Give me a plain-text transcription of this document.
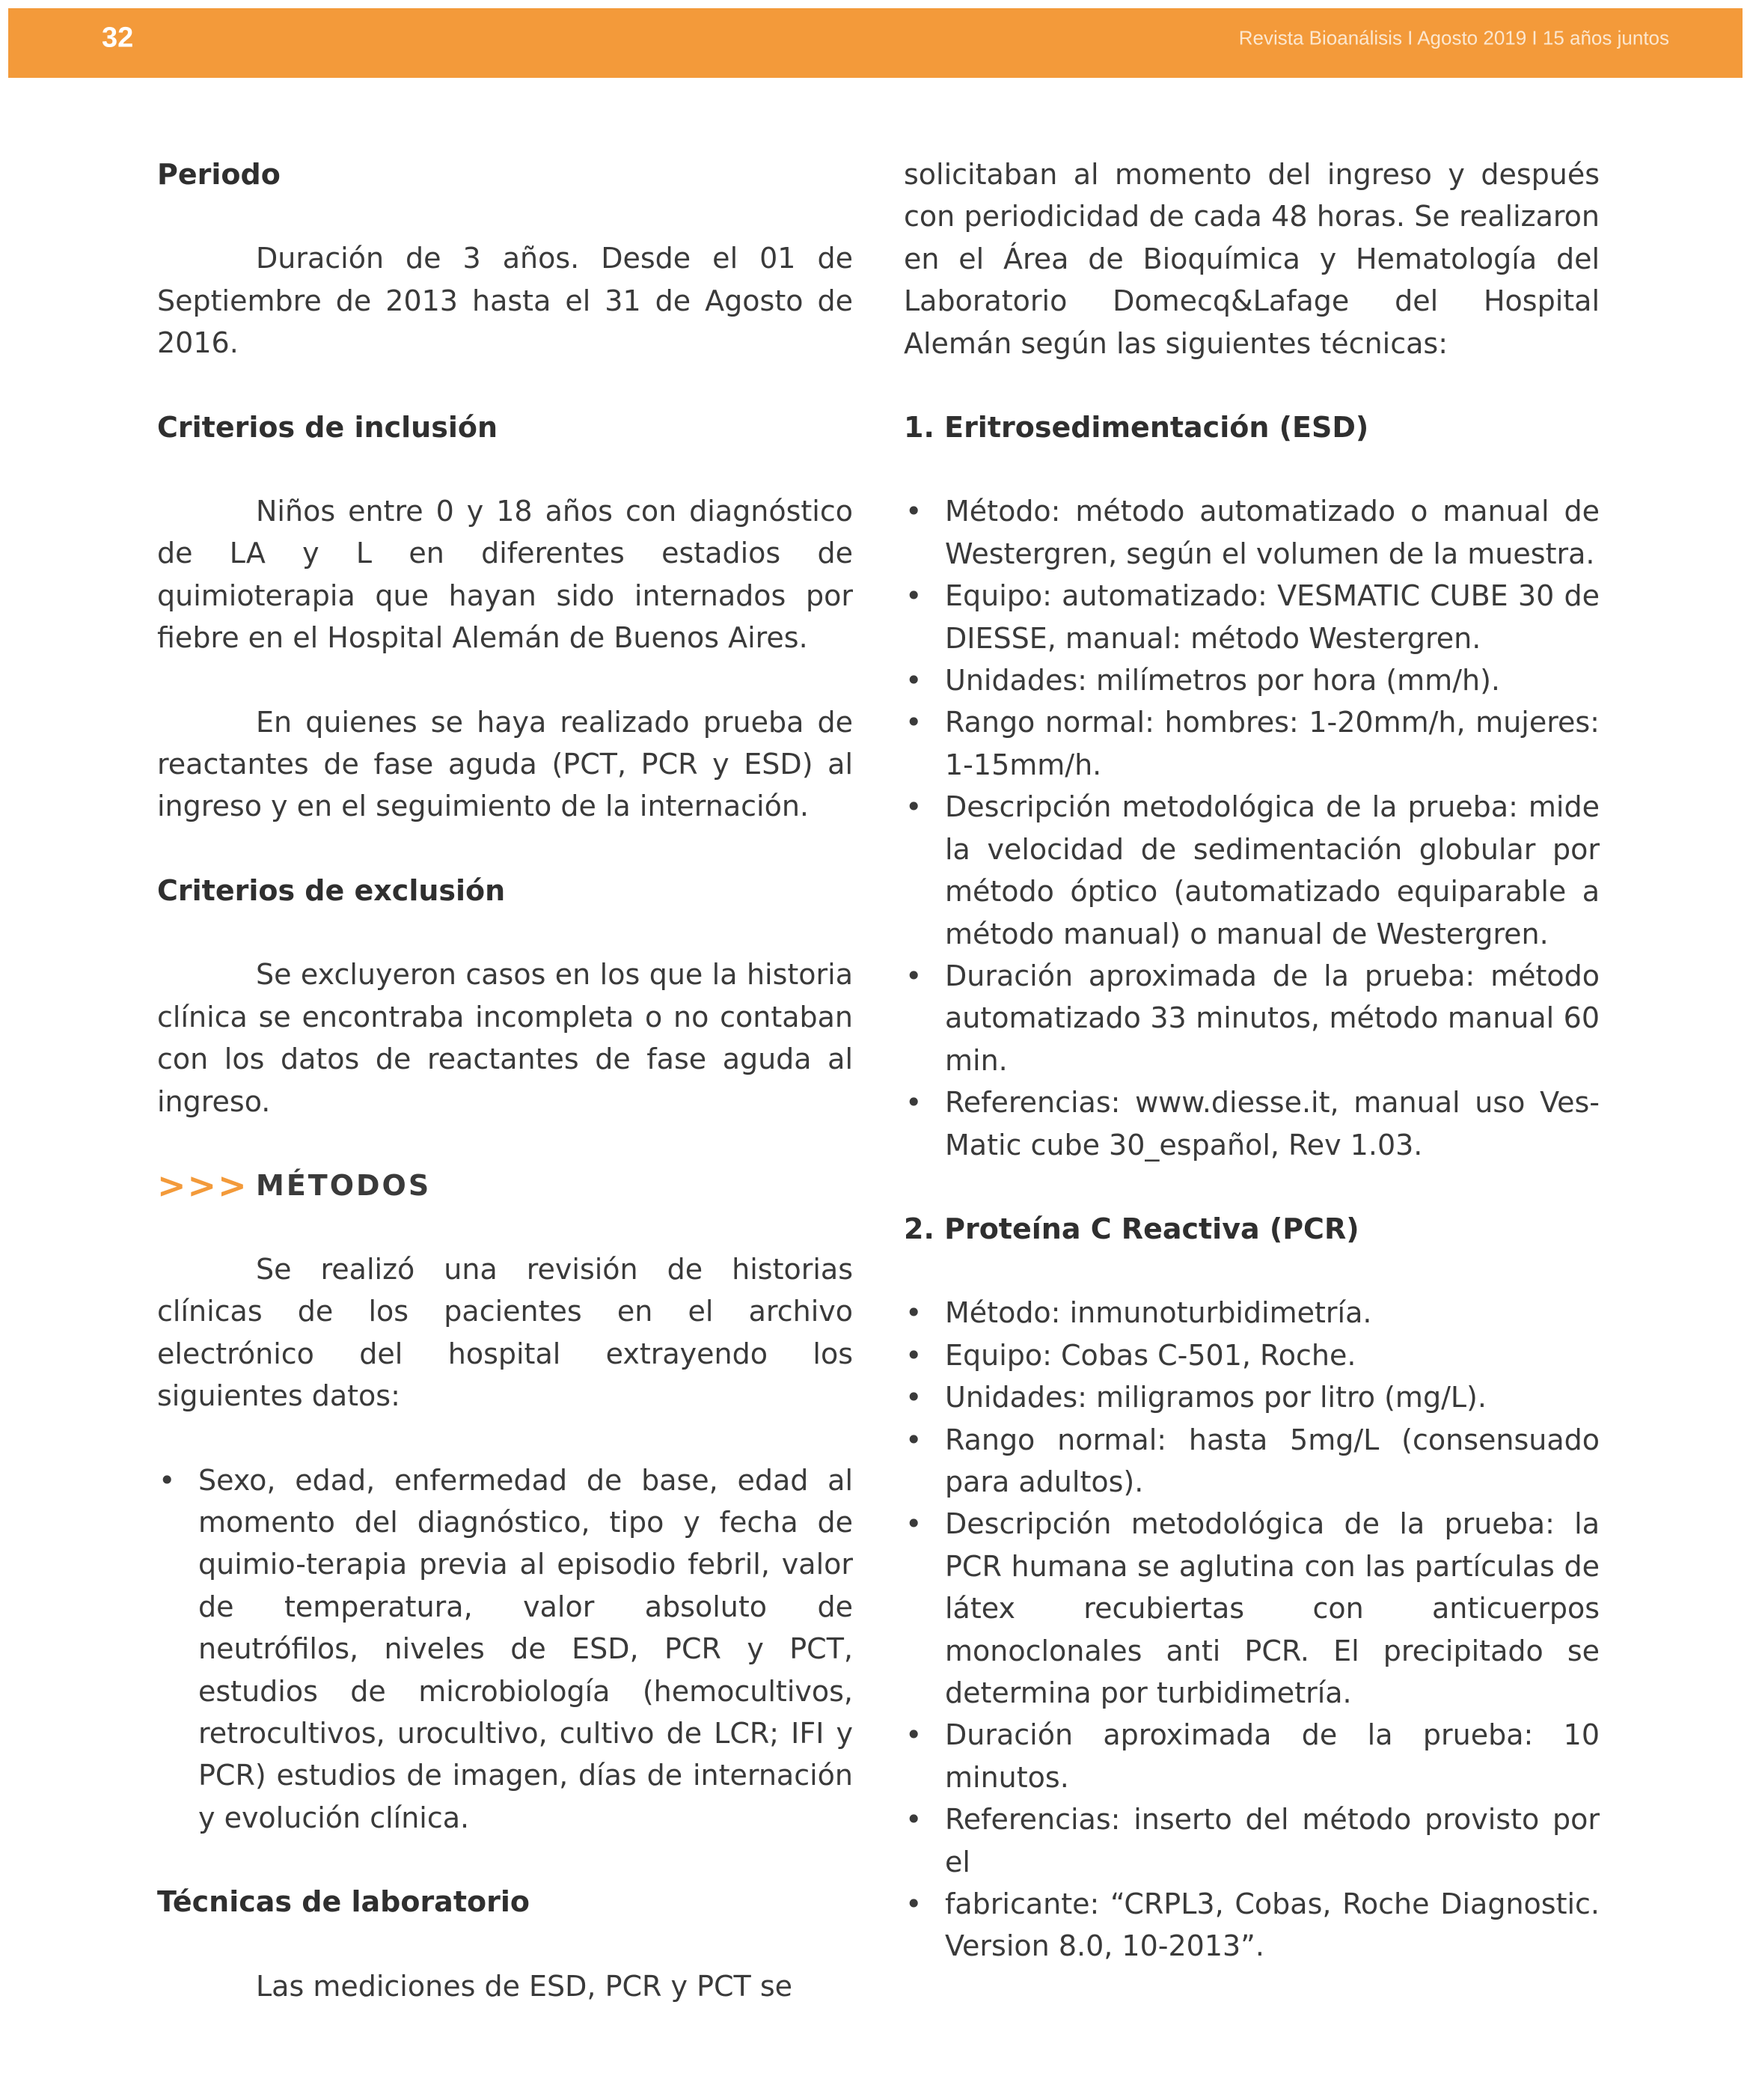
32	Revista Bioanálisis I Agosto 2019 I 15 años juntos
Periodo

Duración de 3 años. Desde el 01 de Septiembre de 2013 hasta el 31 de Agosto de 2016.

Criterios de inclusión

Niños entre 0 y 18 años con diagnóstico de LA y L en diferentes estadios de quimioterapia que hayan sido internados por fiebre en el Hospital Alemán de Buenos Aires.

En quienes se haya realizado prueba de reactantes de fase aguda (PCT, PCR y ESD) al ingreso y en el seguimiento de la internación.

Criterios de exclusión

Se excluyeron casos en los que la historia clínica se encontraba incompleta o no contaban con los datos de reactantes de fase aguda al ingreso.

>>> MÉTODOS

Se realizó una revisión de historias clínicas de los pacientes en el archivo electrónico del hospital extrayendo los siguientes datos:

• Sexo, edad, enfermedad de base, edad al momento del diagnóstico, tipo y fecha de quimio-terapia previa al episodio febril, valor de temperatura, valor absoluto de neutrófilos, niveles de ESD, PCR y PCT, estudios de microbiología (hemocultivos, retrocultivos, urocultivo, cultivo de LCR; IFI y PCR) estudios de imagen, días de internación y evolución clínica.
Técnicas de laboratorio

Las mediciones de ESD, PCR y PCT se

solicitaban al momento del ingreso y después con periodicidad de cada 48 horas. Se realizaron en el Área de Bioquímica y Hematología del Laboratorio Domecq&Lafage del Hospital Alemán según las siguientes técnicas:

1. Eritrosedimentación (ESD)
• Método: método automatizado o manual de Westergren, según el volumen de la muestra.
• Equipo: automatizado: VESMATIC CUBE 30 de DIESSE, manual: método Westergren.
• Unidades: milímetros por hora (mm/h).
• Rango normal: hombres: 1-20mm/h, mujeres: 1-15mm/h.
• Descripción metodológica de la prueba: mide la velocidad de sedimentación globular por método óptico (automatizado equiparable a método manual) o manual de Westergren.
• Duración aproximada de la prueba: método automatizado 33 minutos, método manual 60 min.
• Referencias: www.diesse.it, manual uso Ves-Matic cube 30_español, Rev 1.03.
2. Proteína C Reactiva (PCR)
• Método: inmunoturbidimetría.
• Equipo: Cobas C-501, Roche.
• Unidades: miligramos por litro (mg/L).
• Rango normal: hasta 5mg/L (consensuado para adultos).
• Descripción metodológica de la prueba: la PCR humana se aglutina con las partículas de látex recubiertas con anticuerpos monoclonales anti PCR. El precipitado se determina por turbidimetría.
• Duración aproximada de la prueba: 10 minutos.
• Referencias: inserto del método provisto por el
• fabricante: “CRPL3, Cobas, Roche Diagnostic. Version 8.0, 10-2013”.
